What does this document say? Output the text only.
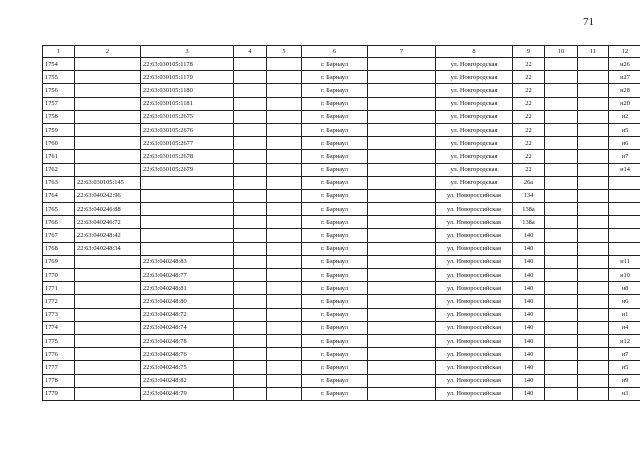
71
1	2	3	4	5	6	7	8	9	10	11	12
1754		22:63:030105:1178			г. Барнаул		ул. Новгородская	22			н26
1755		22:63:030105:1179			г. Барнаул		ул. Новгородская	22			н27
1756		22:63:030105:1180			г. Барнаул		ул. Новгородская	22			н28
1757		22:63:030105:1181			г. Барнаул		ул. Новгородская	22			н20
1758		22:63:030105:2675			г. Барнаул		ул. Новгородская	22			н2
1759		22:63:030105:2676			г. Барнаул		ул. Новгородская	22			н5
1760		22:63:030105:2677			г. Барнаул		ул. Новгородская	22			н6
1761		22:63:030105:2678			г. Барнаул		ул. Новгородская	22			н7
1762		22:63:030105:2679			г. Барнаул		ул. Новгородская	22			н14
1763	22:63:030105:145				г. Барнаул		ул. Новгородская	26а			
1764	22:63:040242:96				г. Барнаул		ул. Новороссийская	134			
1765	22:63:040246:88				г. Барнаул		ул. Новороссийская	138а			
1766	22:63:040246:72				г. Барнаул		ул. Новороссийская	138а			
1767	22:63:040248:42				г. Барнаул		ул. Новороссийская	140			
1768	22:63:040248:34				г. Барнаул		ул. Новороссийская	140			
1769		22:63:040248:83			г. Барнаул		ул. Новороссийская	140			н11
1770		22:63:040248:77			г. Барнаул		ул. Новороссийская	140			н10
1771		22:63:040248:81			г. Барнаул		ул. Новороссийская	140			н8
1772		22:63:040248:80			г. Барнаул		ул. Новороссийская	140			н6
1773		22:63:040248:72			г. Барнаул		ул. Новороссийская	140			н1
1774		22:63:040248:74			г. Барнаул		ул. Новороссийская	140			н4
1775		22:63:040248:78			г. Барнаул		ул. Новороссийская	140			н12
1776		22:63:040248:76			г. Барнаул		ул. Новороссийская	140			н7
1777		22:63:040248:75			г. Барнаул		ул. Новороссийская	140			н5
1778		22:63:040248:82			г. Барнаул		ул. Новороссийская	140			н9
1779		22:63:040248:79			г. Барнаул		ул. Новороссийская	140			н3
